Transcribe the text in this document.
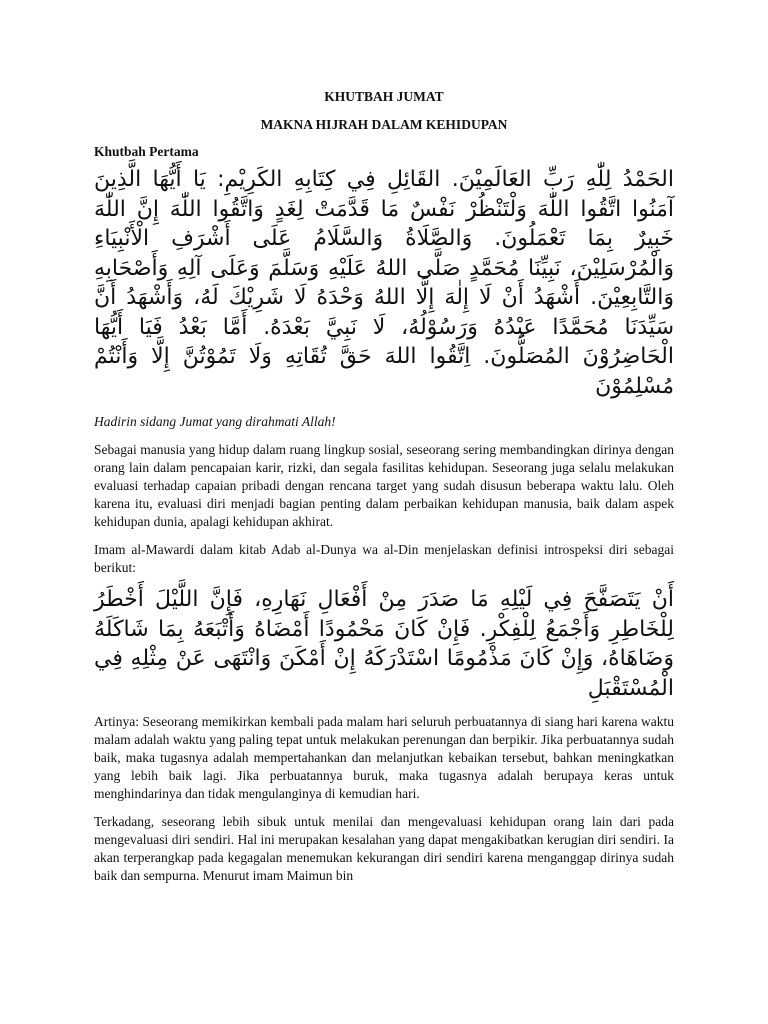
KHUTBAH JUMAT
MAKNA HIJRAH DALAM KEHIDUPAN
Khutbah Pertama

الحَمْدُ لِلّٰهِ رَبِّ العَالَمِيْنَ. القَائِلِ فِي كِتَابِهِ الكَرِيْمِ: يَا أَيُّهَا الَّذِينَ آمَنُوا اتَّقُوا اللّٰهَ وَلْتَنْظُرْ نَفْسٌ مَا قَدَّمَتْ لِغَدٍ وَاتَّقُوا اللّٰهَ إِنَّ اللّٰهَ خَبِيرٌ بِمَا تَعْمَلُونَ. وَالصَّلَاةُ وَالسَّلَامُ عَلَى أَشْرَفِ الْأَنْبِيَاءِ وَالْمُرْسَلِيْنَ، نَبِيِّنَا مُحَمَّدٍ صَلَّى اللهُ عَلَيْهِ وَسَلَّمَ وَعَلَى آلِهِ وَأَصْحَابِهِ وَالتَّابِعِيْنَ. أَشْهَدُ أَنْ لَا إِلٰهَ إِلَّا اللهُ وَحْدَهُ لَا شَرِيْكَ لَهُ، وَأَشْهَدُ أَنَّ سَيِّدَنَا مُحَمَّدًا عَبْدُهُ وَرَسُوْلُهُ، لَا نَبِيَّ بَعْدَهُ. أَمَّا بَعْدُ فَيَا أَيُّهَا الْحَاضِرُوْنَ المُصَلُّونَ. اِتَّقُوا اللهَ حَقَّ تُقَاتِهِ وَلَا تَمُوْتُنَّ إِلَّا وَأَنْتُمْ مُسْلِمُوْنَ

Hadirin sidang Jumat yang dirahmati Allah!

Sebagai manusia yang hidup dalam ruang lingkup sosial, seseorang sering membandingkan dirinya dengan orang lain dalam pencapaian karir, rizki, dan segala fasilitas kehidupan. Seseorang juga selalu melakukan evaluasi terhadap capaian pribadi dengan rencana target yang sudah disusun beberapa waktu lalu. Oleh karena itu, evaluasi diri menjadi bagian penting dalam perbaikan kehidupan manusia, baik dalam aspek kehidupan dunia, apalagi kehidupan akhirat.

Imam al-Mawardi dalam kitab Adab al-Dunya wa al-Din menjelaskan definisi introspeksi diri sebagai berikut:

أَنْ يَتَصَفَّحَ فِي لَيْلِهِ مَا صَدَرَ مِنْ أَفْعَالِ نَهَارِهِ، فَإِنَّ اللَّيْلَ أَخْطَرُ لِلْخَاطِرِ وَأَجْمَعُ لِلْفِكْرِ. فَإِنْ كَانَ مَحْمُودًا أَمْضَاهُ وَأَتْبَعَهُ بِمَا شَاكَلَهُ وَضَاهَاهُ، وَإِنْ كَانَ مَذْمُومًا اسْتَدْرَكَهُ إِنْ أَمْكَنَ وَانْتَهَى عَنْ مِثْلِهِ فِي الْمُسْتَقْبَلِ

Artinya: Seseorang memikirkan kembali pada malam hari seluruh perbuatannya di siang hari karena waktu malam adalah waktu yang paling tepat untuk melakukan perenungan dan berpikir. Jika perbuatannya sudah baik, maka tugasnya adalah mempertahankan dan melanjutkan kebaikan tersebut, bahkan meningkatkan yang lebih baik lagi. Jika perbuatannya buruk, maka tugasnya adalah berupaya keras untuk menghindarinya dan tidak mengulanginya di kemudian hari.

Terkadang, seseorang lebih sibuk untuk menilai dan mengevaluasi kehidupan orang lain dari pada mengevaluasi diri sendiri. Hal ini merupakan kesalahan yang dapat mengakibatkan kerugian diri sendiri. Ia akan terperangkap pada kegagalan menemukan kekurangan diri sendiri karena menganggap dirinya sudah baik dan sempurna. Menurut imam Maimun bin
